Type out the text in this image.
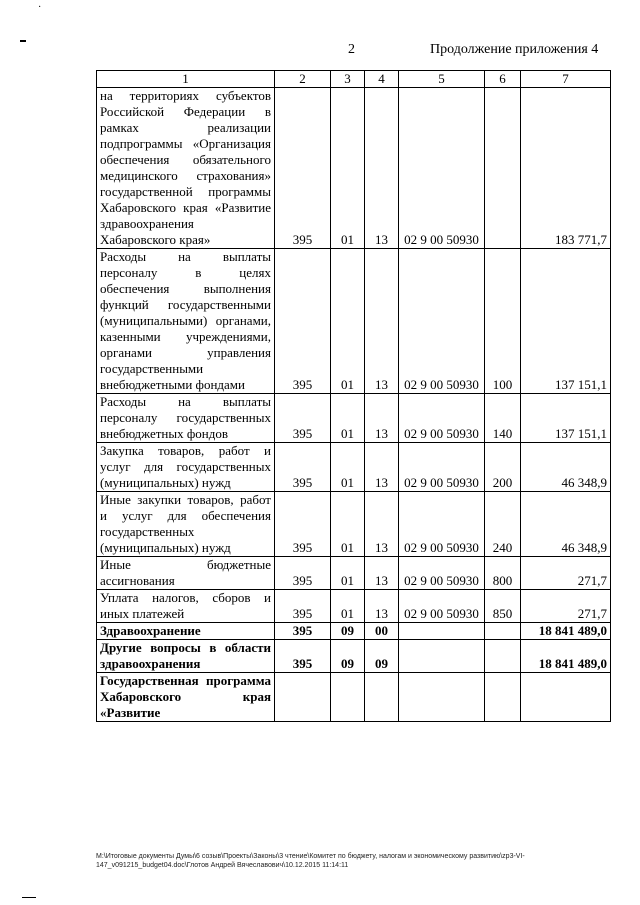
·
2	Продолжение приложения 4
1	2	3	4	5	6	7
на территориях субъектов Российской Федерации в рамках реализации подпрограммы «Организация обеспечения обязательного медицинского страхования» государственной программы Хабаровского края «Развитие здравоохранения Хабаровского края»	395	01	13	02 9 00 50930		183 771,7
Расходы на выплаты персоналу в целях обеспечения выполнения функций государственными (муниципальными) органами, казенными учреждениями, органами управления государственными внебюджетными фондами	395	01	13	02 9 00 50930	100	137 151,1
Расходы на выплаты персоналу государственных внебюджетных фондов	395	01	13	02 9 00 50930	140	137 151,1
Закупка товаров, работ и услуг для государственных (муниципальных) нужд	395	01	13	02 9 00 50930	200	46 348,9
Иные закупки товаров, работ и услуг для обеспечения государственных (муниципальных) нужд	395	01	13	02 9 00 50930	240	46 348,9
Иные бюджетные ассигнования	395	01	13	02 9 00 50930	800	271,7
Уплата налогов, сборов и иных платежей	395	01	13	02 9 00 50930	850	271,7
Здравоохранение	395	09	00			18 841 489,0
Другие вопросы в области здравоохранения	395	09	09			18 841 489,0
Государственная программа Хабаровского края «Развитие						
M:\Итоговые документы Думы\6 созыв\Проекты\Законы\3 чтение\Комитет по бюджету, налогам и экономическому развитию\zp3-VI-147_v091215_budget04.doc\Глотов Андрей Вячеславович\10.12.2015 11:14:11
